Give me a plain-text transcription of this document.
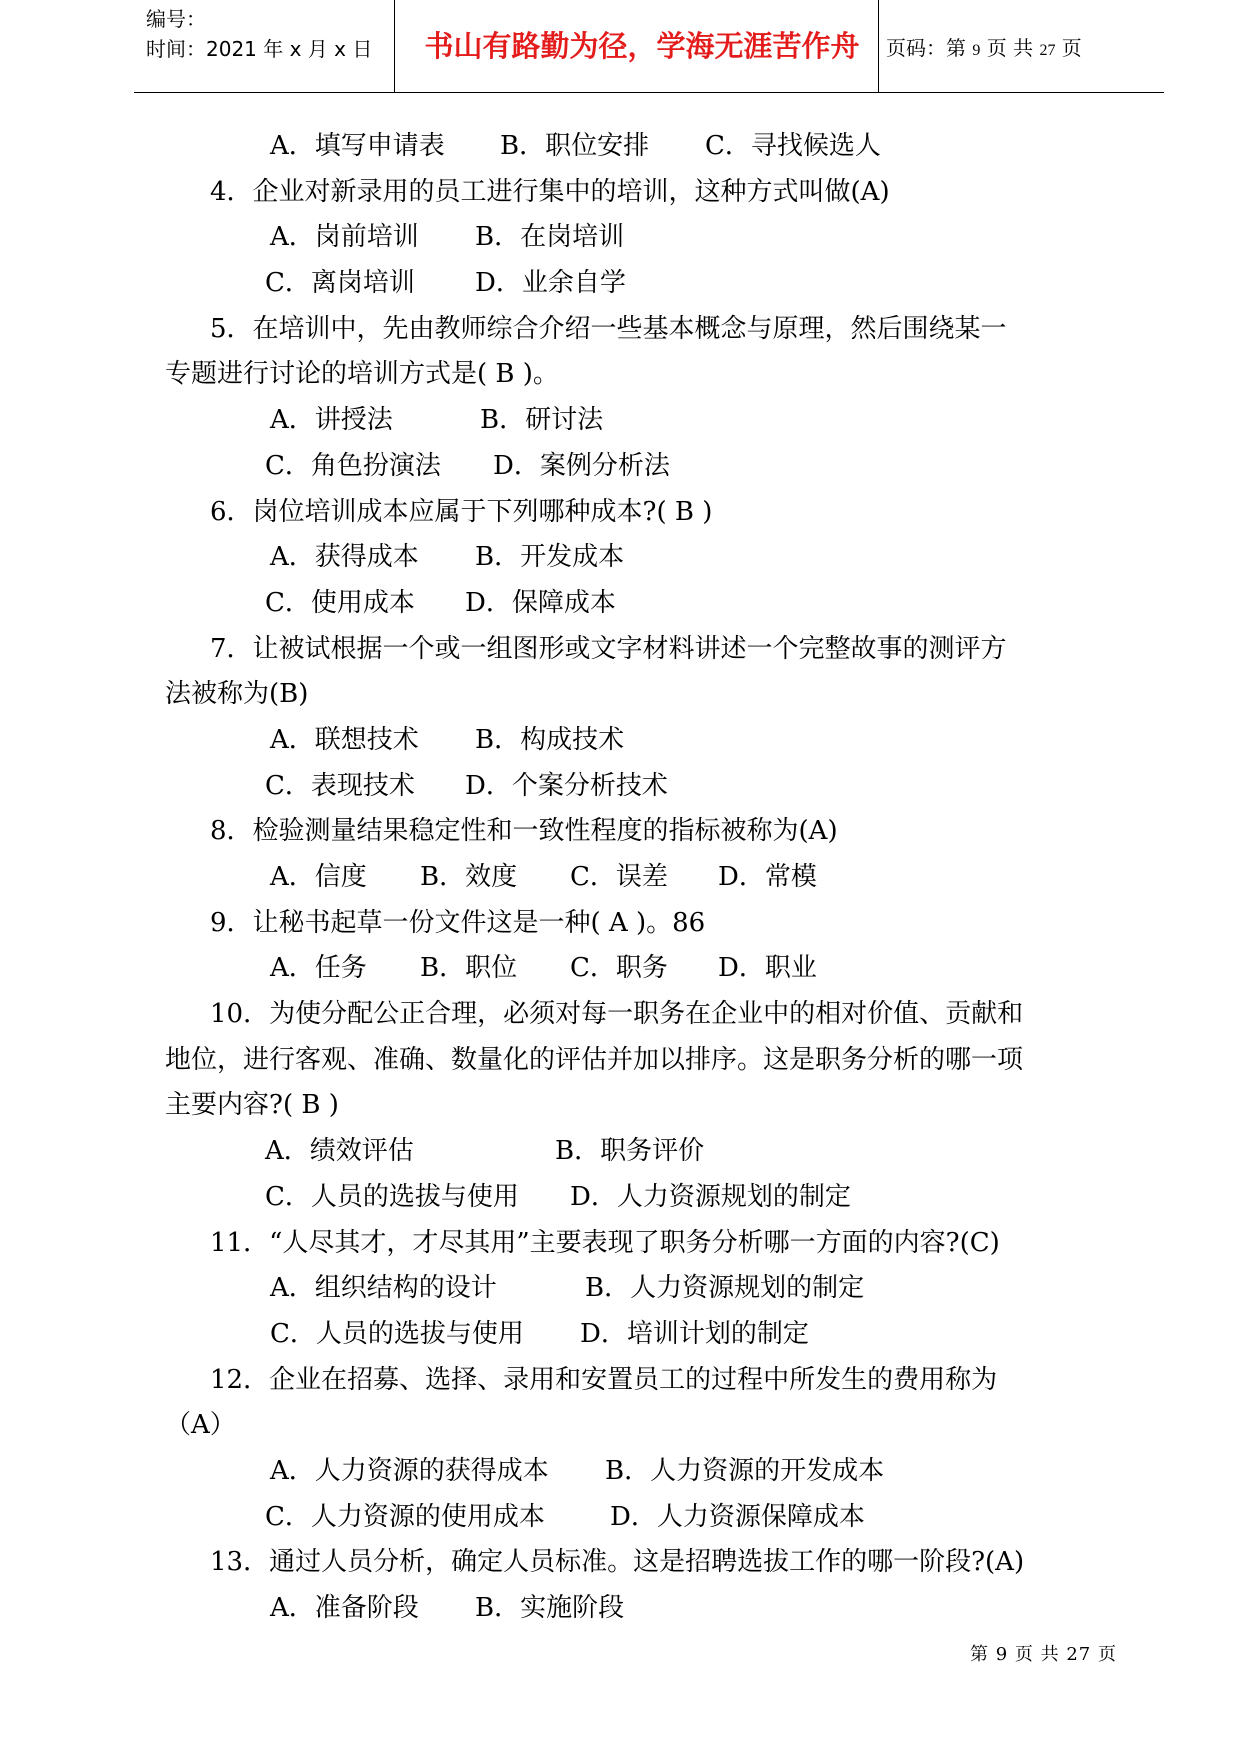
编号：
时间：2021 年 x 月 x 日	书山有路勤为径，学海无涯苦作舟	页码：第 9 页 共 27 页
A．填写申请表 B．职位安排 C．寻找候选人
4．企业对新录用的员工进行集中的培训，这种方式叫做(A)
A．岗前培训 B．在岗培训
C．离岗培训 D．业余自学
5．在培训中，先由教师综合介绍一些基本概念与原理，然后围绕某一
专题进行讨论的培训方式是( B )。
A．讲授法	B．研讨法
C．角色扮演法 D．案例分析法
6．岗位培训成本应属于下列哪种成本?( B )
A．获得成本 B．开发成本
C．使用成本 D．保障成本
7．让被试根据一个或一组图形或文字材料讲述一个完整故事的测评方
法被称为(B)
A．联想技术 B．构成技术
C．表现技术 D．个案分析技术
8．检验测量结果稳定性和一致性程度的指标被称为(A)
A．信度 B．效度 C．误差 D．常模
9．让秘书起草一份文件这是一种( A )。86
A．任务 B．职位 C．职务 D．职业
10．为使分配公正合理，必须对每一职务在企业中的相对价值、贡献和
地位，进行客观、准确、数量化的评估并加以排序。这是职务分析的哪一项
主要内容?( B )
A．绩效评估	B．职务评价
C．人员的选拔与使用 D．人力资源规划的制定
11．“人尽其才，才尽其用”主要表现了职务分析哪一方面的内容?(C)
A．组织结构的设计	B．人力资源规划的制定
C．人员的选拔与使用 D．培训计划的制定
12．企业在招募、选择、录用和安置员工的过程中所发生的费用称为
（A）
A．人力资源的获得成本 B．人力资源的开发成本
C．人力资源的使用成本	D．人力资源保障成本
13．通过人员分析，确定人员标准。这是招聘选拔工作的哪一阶段?(A)
A．准备阶段 B．实施阶段
第 9 页 共 27 页
